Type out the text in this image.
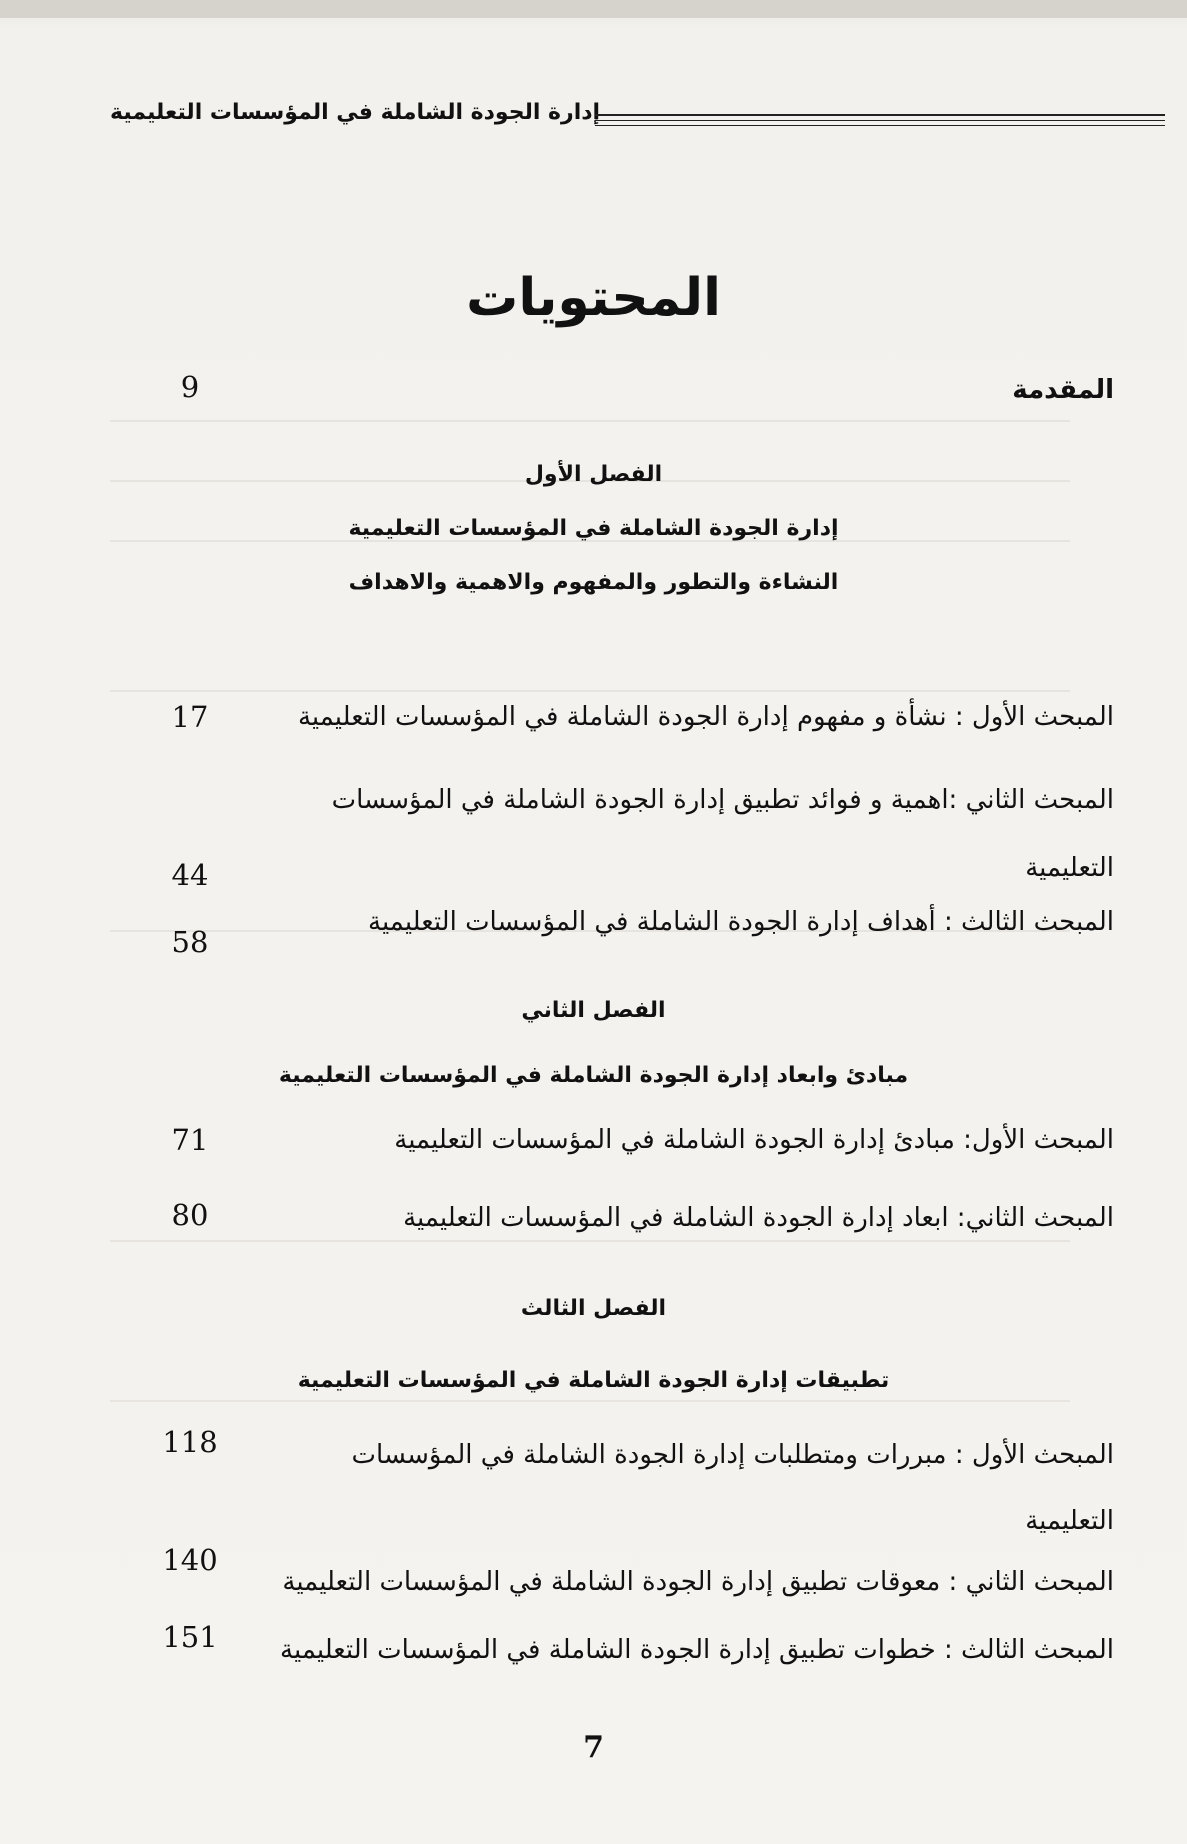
إدارة الجودة الشاملة في المؤسسات التعليمية
المحتويات
المقدمة
9
الفصل الأول
إدارة الجودة الشاملة في المؤسسات التعليمية
النشاءة والتطور والمفهوم والاهمية والاهداف
المبحث الأول : نشأة و مفهوم إدارة الجودة الشاملة في المؤسسات التعليمية
17
المبحث الثاني :اهمية و فوائد تطبيق إدارة الجودة الشاملة في المؤسسات التعليمية
44
المبحث الثالث : أهداف إدارة الجودة الشاملة في المؤسسات التعليمية
58
الفصل الثاني
مبادئ وابعاد إدارة الجودة الشاملة في المؤسسات التعليمية
المبحث الأول: مبادئ إدارة الجودة الشاملة في المؤسسات التعليمية
71
المبحث الثاني: ابعاد إدارة الجودة الشاملة في المؤسسات التعليمية
80
الفصل الثالث
تطبيقات إدارة الجودة الشاملة في المؤسسات التعليمية
المبحث الأول : مبررات ومتطلبات إدارة الجودة الشاملة في المؤسسات التعليمية
118
المبحث الثاني : معوقات تطبيق إدارة الجودة الشاملة في المؤسسات التعليمية
140
المبحث الثالث : خطوات تطبيق إدارة الجودة الشاملة في المؤسسات التعليمية
151
7
